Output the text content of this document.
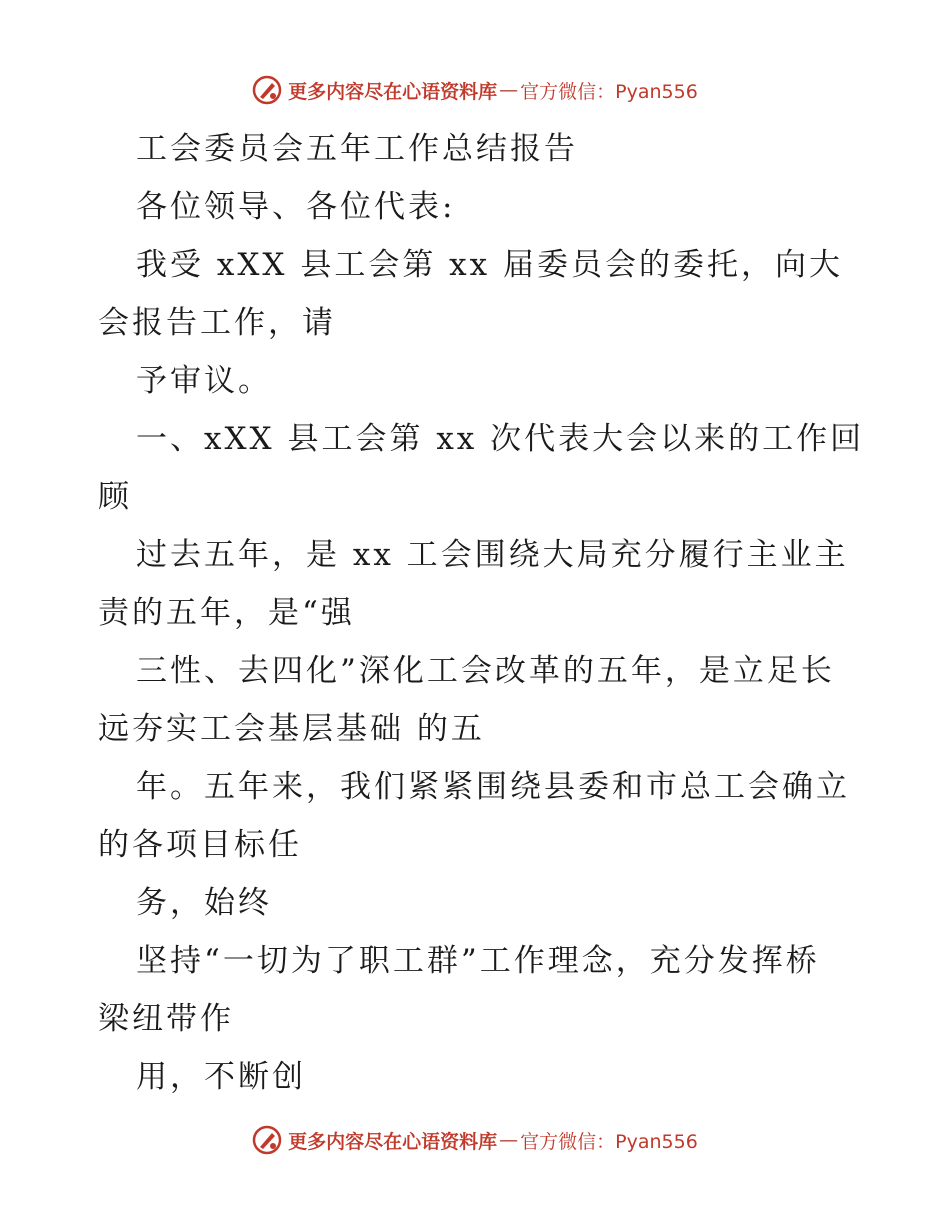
更多内容尽在心语资料库 — 官方微信：Pyan556
工会委员会五年工作总结报告
各位领导、各位代表:
我受 xXX 县工会第 xx 届委员会的委托，向大
会报告工作，请
予审议。
一、xXX 县工会第 xx 次代表大会以来的工作回
顾
过去五年，是 xx 工会围绕大局充分履行主业主
责的五年，是“强
三性、去四化”深化工会改革的五年，是立足长
远夯实工会基层基础 的五
年。五年来，我们紧紧围绕县委和市总工会确立
的各项目标任
务，始终
坚持“一切为了职工群”工作理念，充分发挥桥
梁纽带作
用，不断创
更多内容尽在心语资料库 — 官方微信：Pyan556
